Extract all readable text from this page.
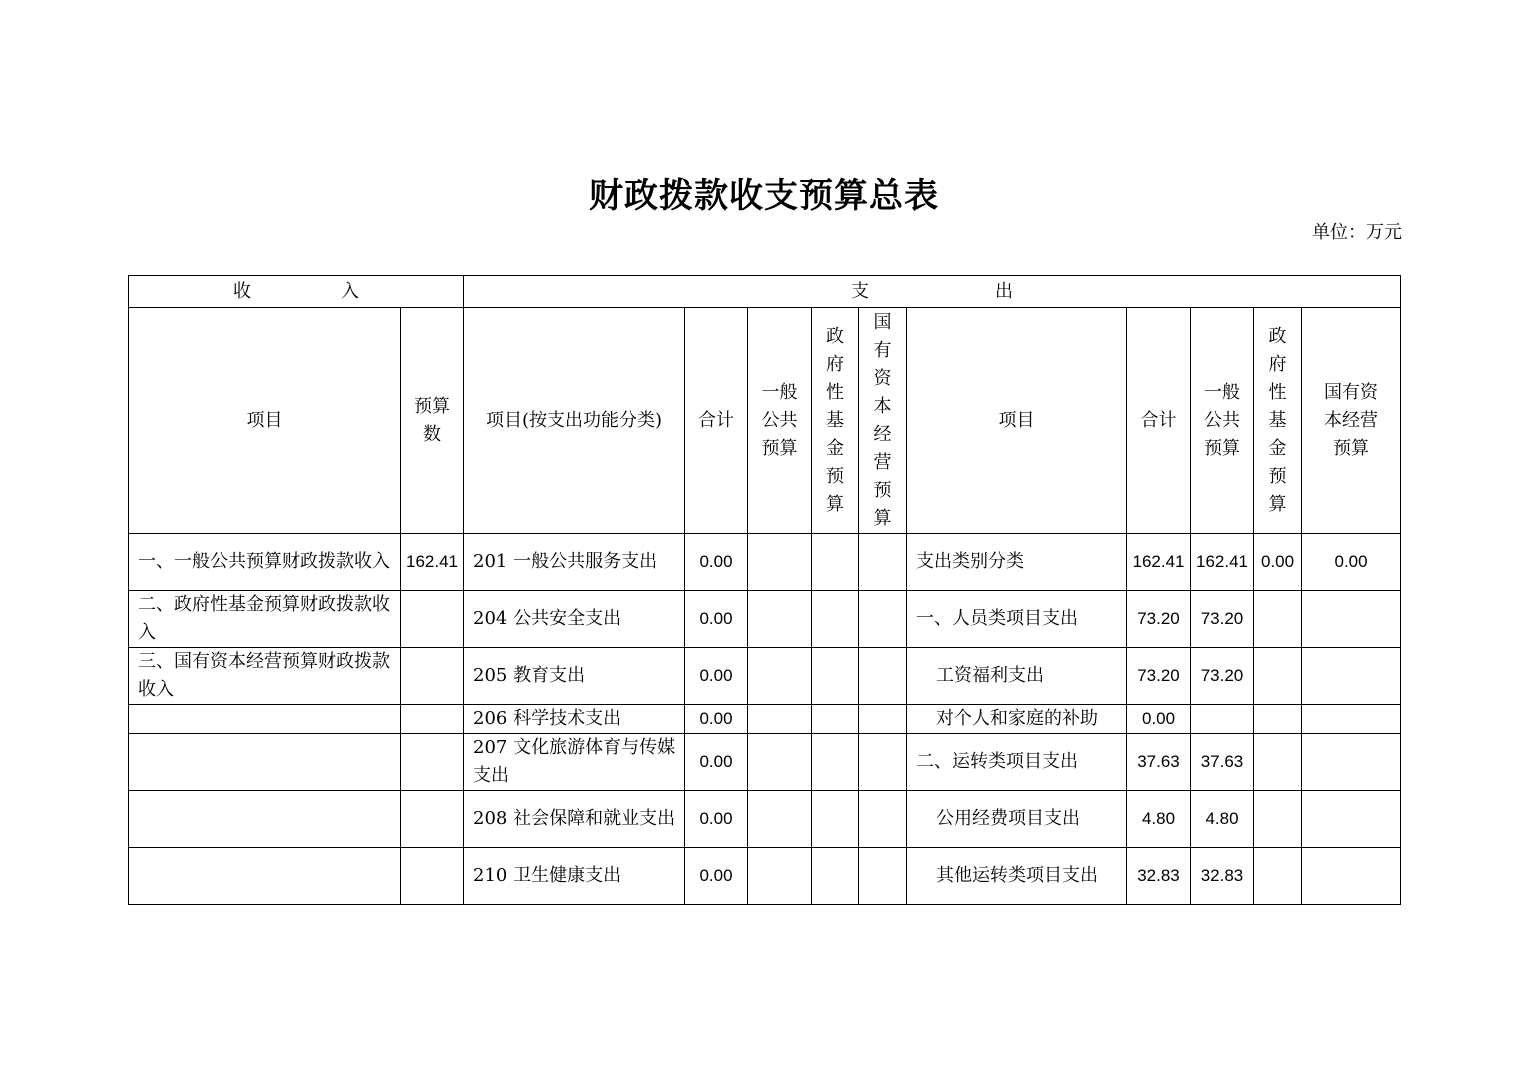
财政拨款收支预算总表
单位：万元
收　　　　　入		支　　　　　　　出									
项目	预算数	项目(按支出功能分类)	合计	一般公共预算	政府性基金预算	国有资本经营预算	项目	合计	一般公共预算	政府性基金预算	国有资本经营预算
一、一般公共预算财政拨款收入	162.41	201 一般公共服务支出	0.00				支出类别分类	162.41	162.41	0.00	0.00
二、政府性基金预算财政拨款收入		204 公共安全支出	0.00				一、人员类项目支出	73.20	73.20		
三、国有资本经营预算财政拨款收入		205 教育支出	0.00				工资福利支出	73.20	73.20		
		206 科学技术支出	0.00				对个人和家庭的补助	0.00			
		207 文化旅游体育与传媒支出	0.00				二、运转类项目支出	37.63	37.63		
		208 社会保障和就业支出	0.00				公用经费项目支出	4.80	4.80		
		210 卫生健康支出	0.00				其他运转类项目支出	32.83	32.83		
